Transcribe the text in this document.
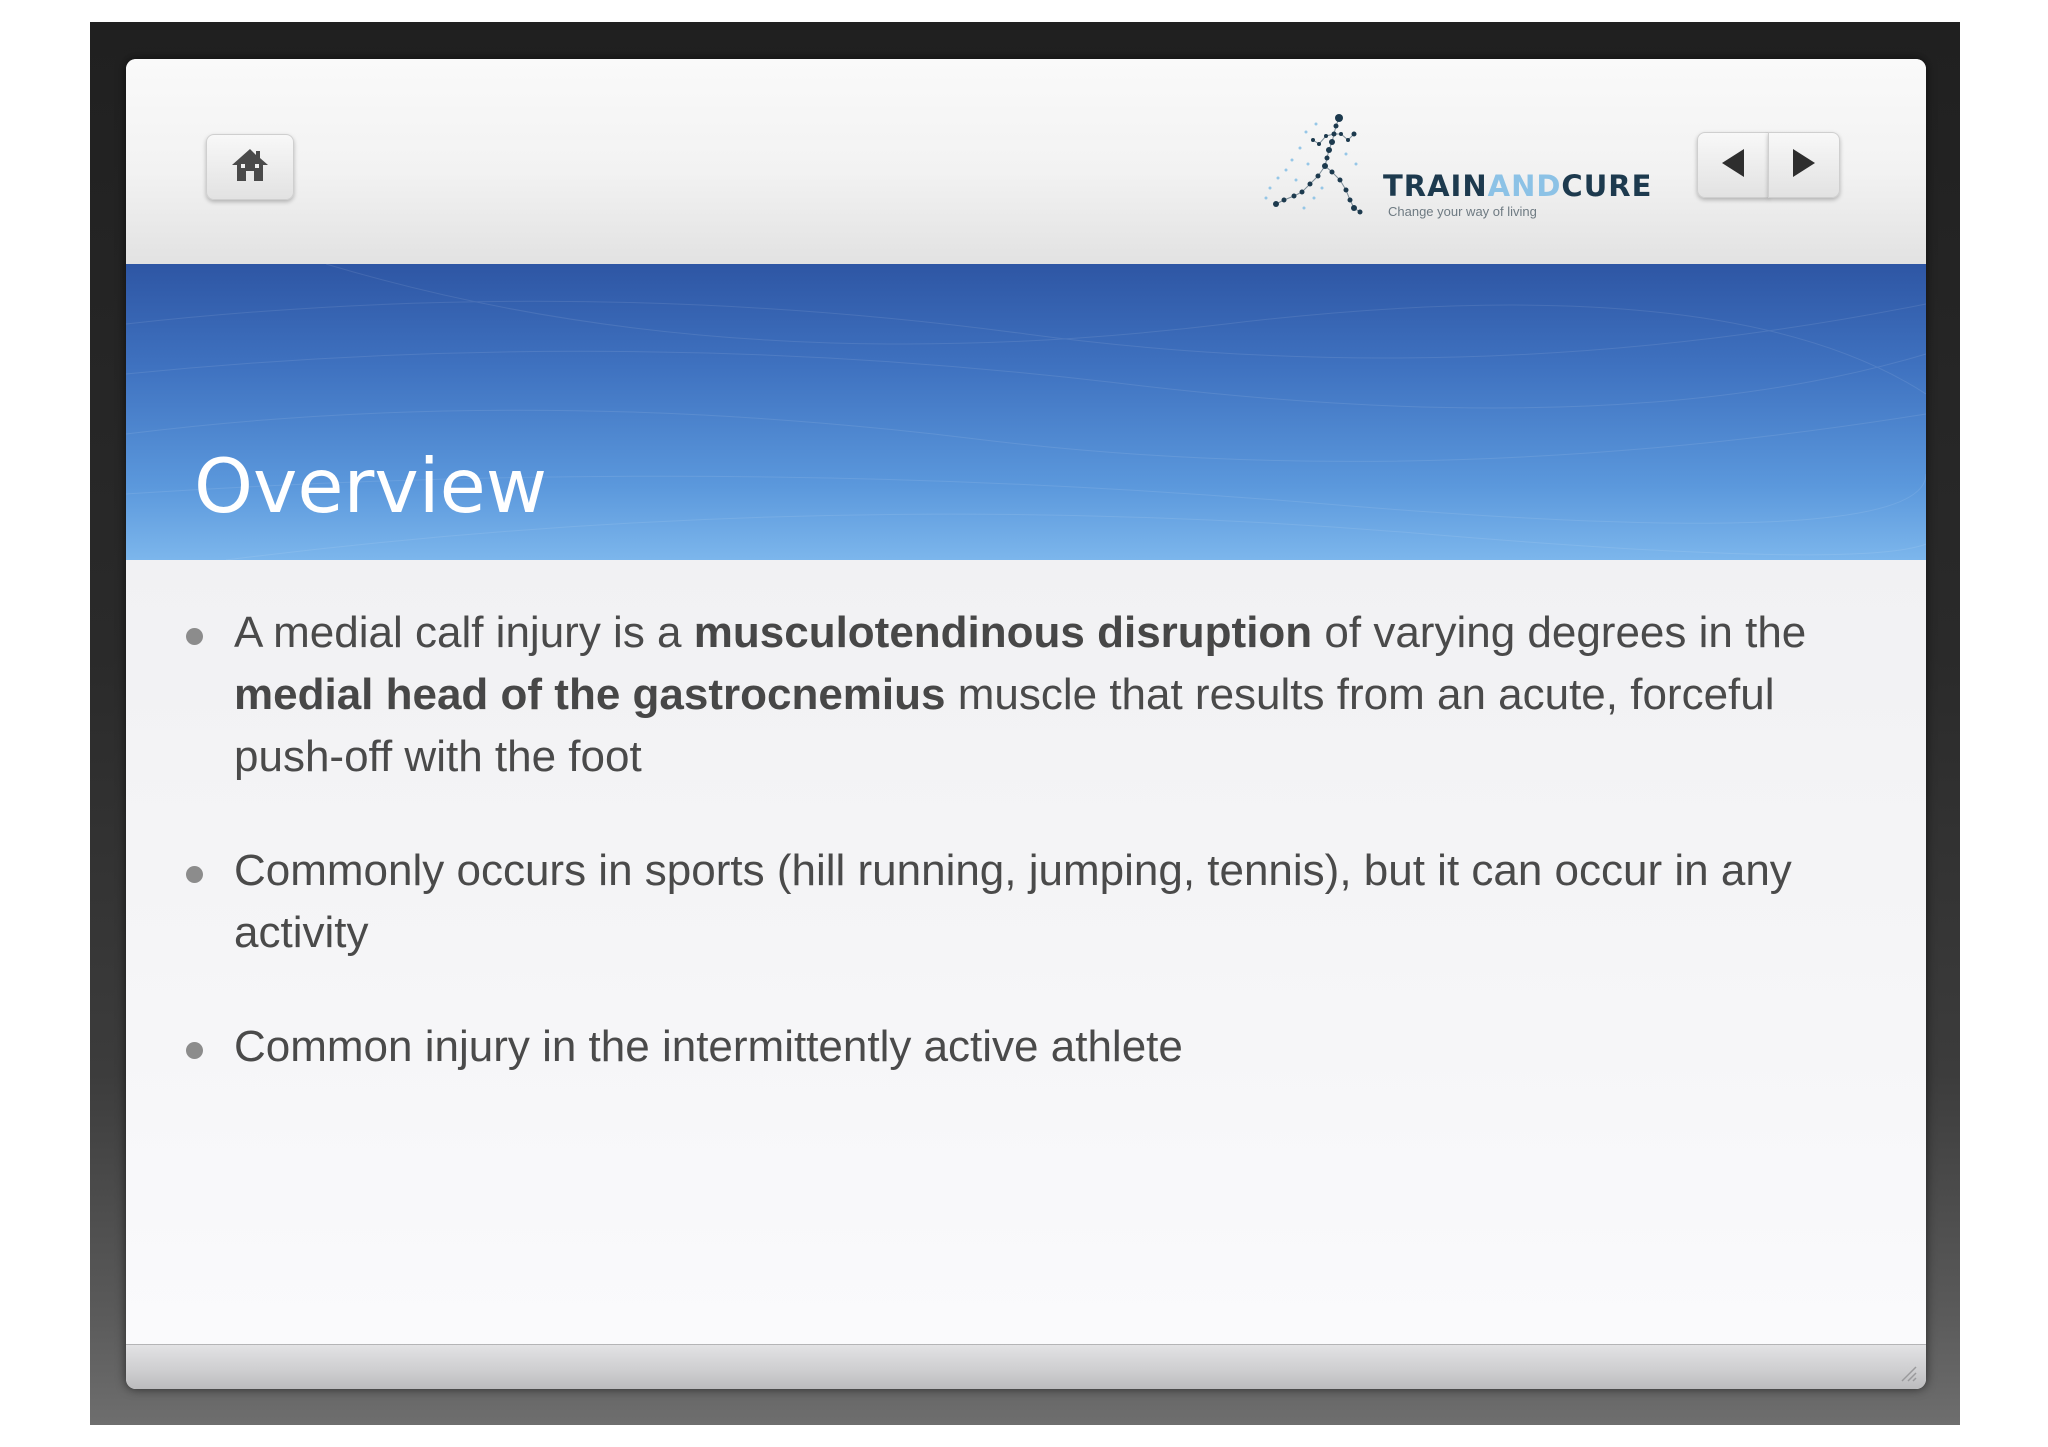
TRAINANDCURE
Change your way of living
Overview
A medial calf injury is a musculotendinous disruption of varying degrees in the medial head of the gastrocnemius muscle that results from an acute, forceful push-off with the foot
Commonly occurs in sports (hill running, jumping, tennis), but it can occur in any activity
Common injury in the intermittently active athlete
